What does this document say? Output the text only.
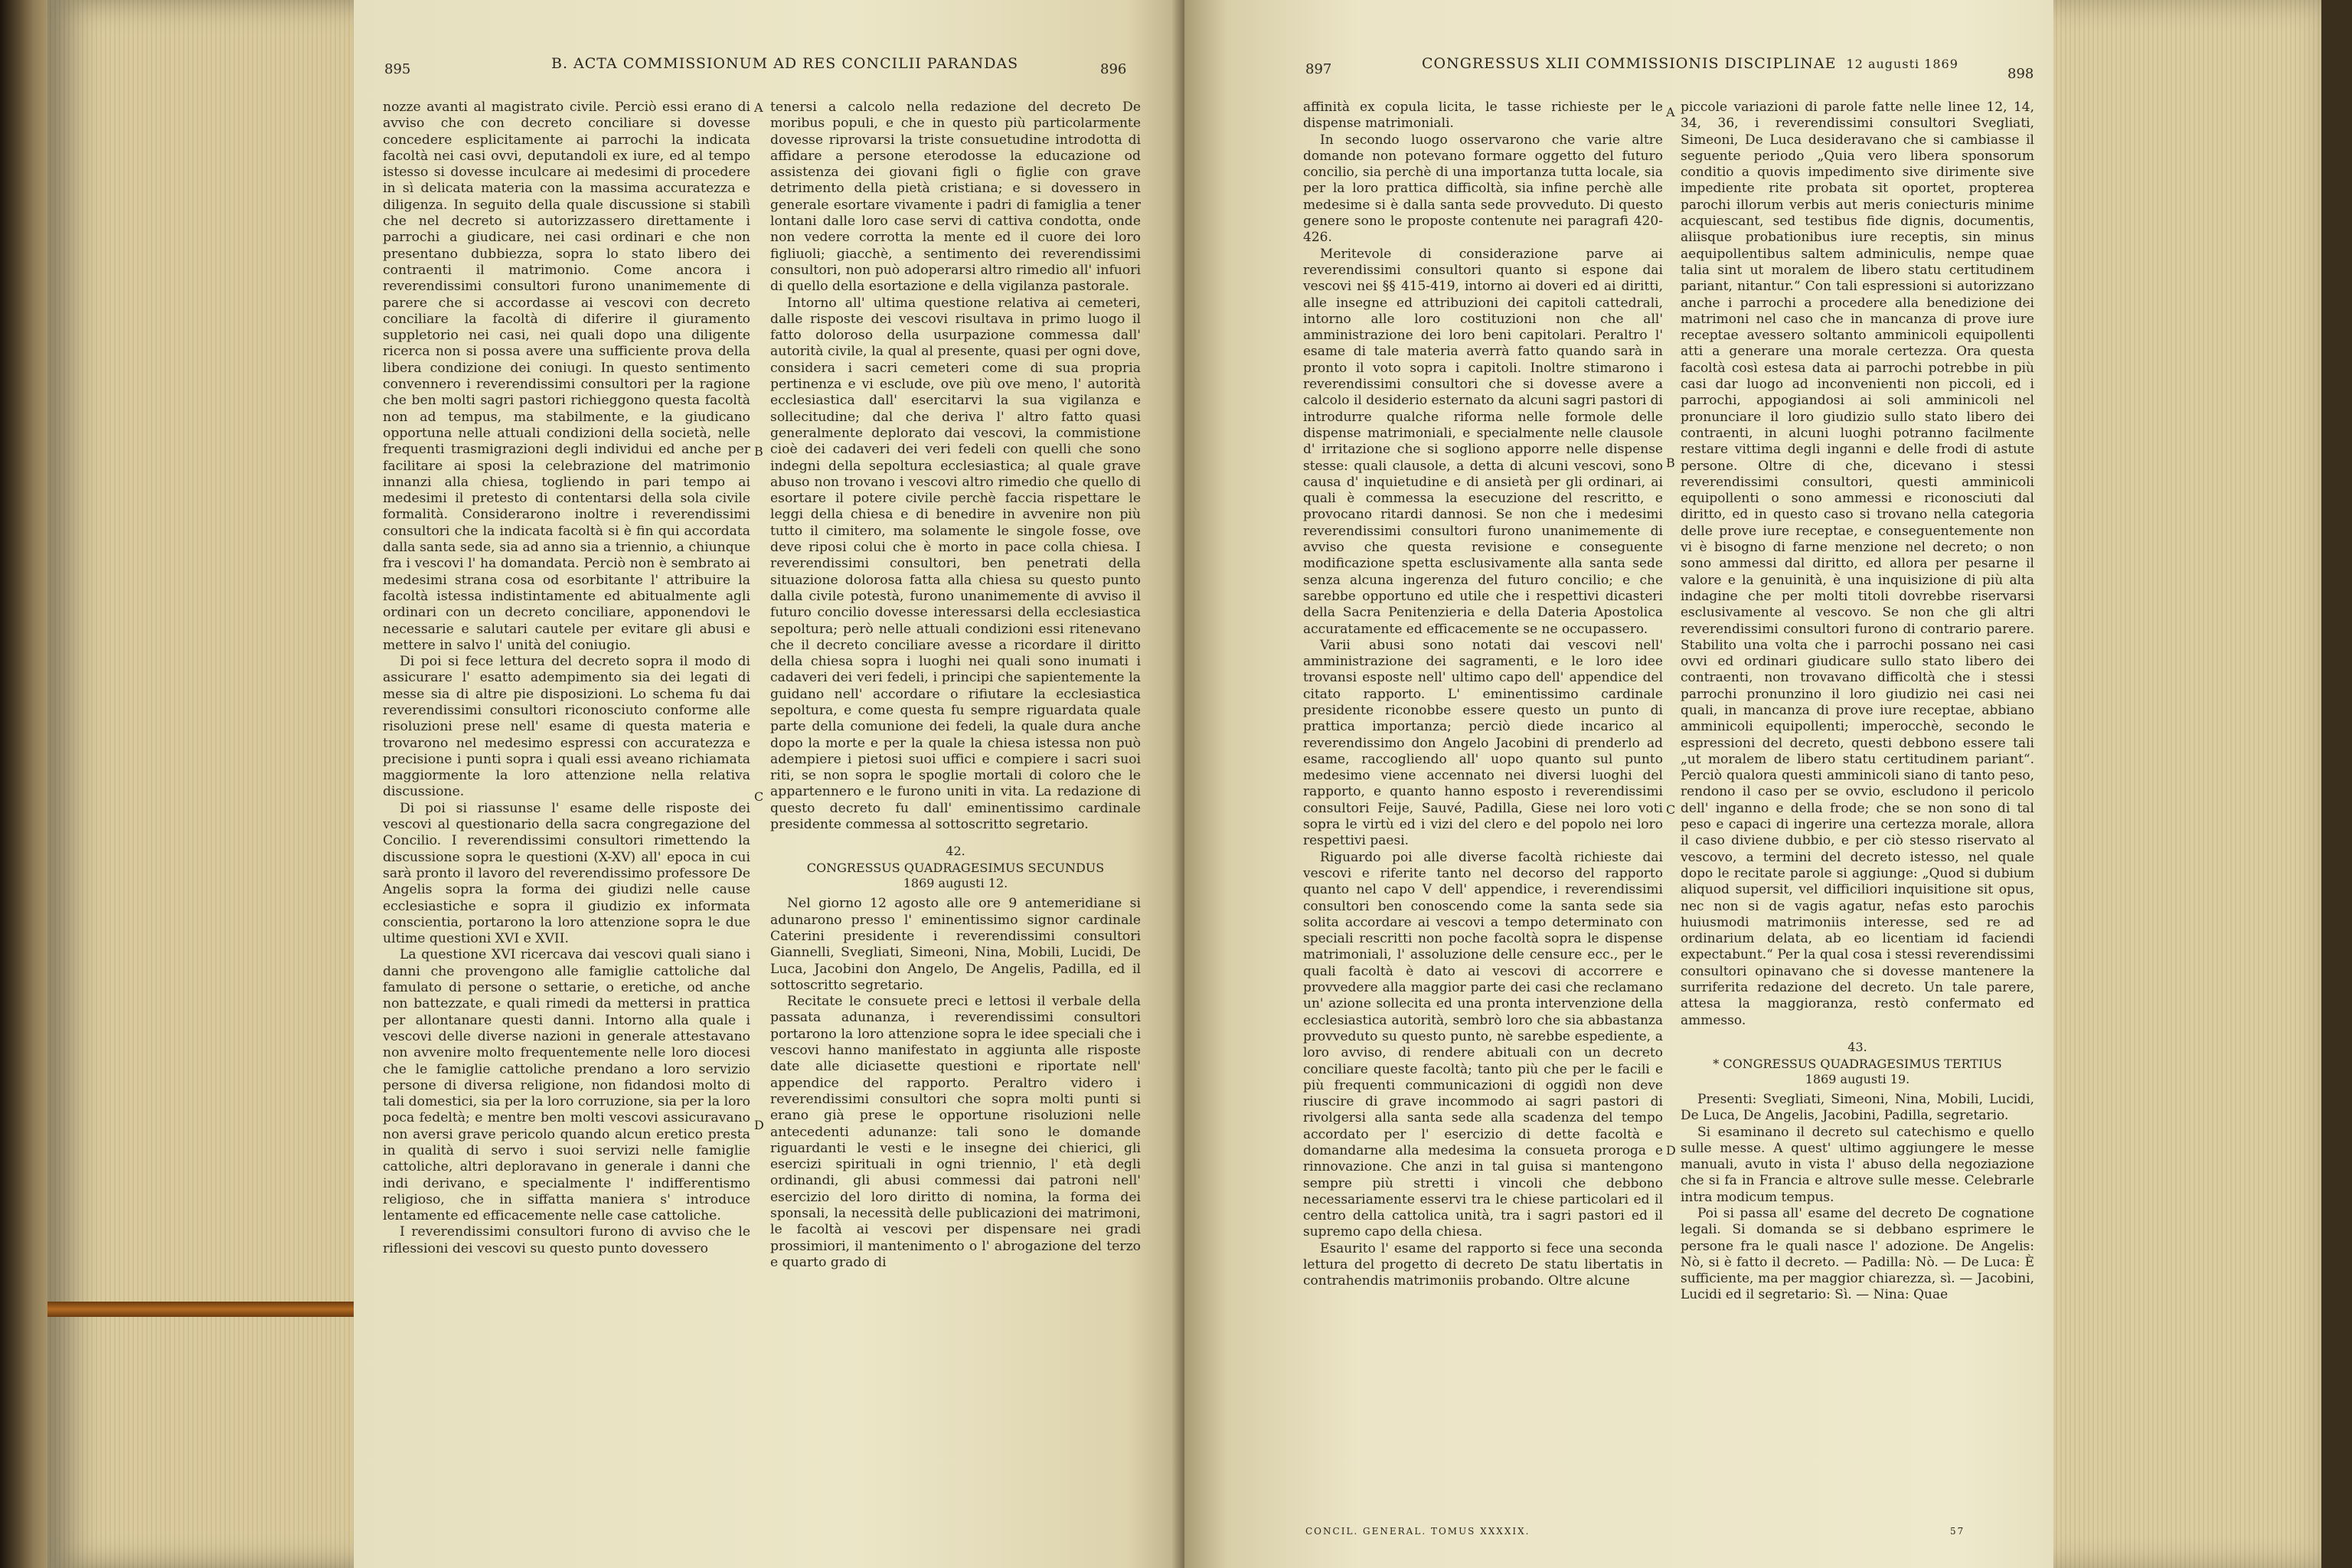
895	B. ACTA COMMISSIONUM AD RES CONCILII PARANDAS	896

nozze avanti al magistrato civile. Perciò essi erano di avviso che con decreto conciliare si dovesse concedere esplicitamente ai parrochi la indicata facoltà nei casi ovvi, deputandoli ex iure, ed al tempo istesso si dovesse inculcare ai medesimi di procedere in sì delicata materia con la massima accuratezza e diligenza. In seguito della quale discussione si stabilì che nel decreto si autorizzassero direttamente i parrochi a giudicare, nei casi ordinari e che non presentano dubbiezza, sopra lo stato libero dei contraenti il matrimonio. Come ancora i reverendissimi consultori furono unanimemente di parere che si accordasse ai vescovi con decreto conciliare la facoltà di diferire il giuramento suppletorio nei casi, nei quali dopo una diligente ricerca non si possa avere una sufficiente prova della libera condizione dei coniugi. In questo sentimento convennero i reverendissimi consultori per la ragione che ben molti sagri pastori richieggono questa facoltà non ad tempus, ma stabilmente, e la giudicano opportuna nelle attuali condizioni della società, nelle frequenti trasmigrazioni degli individui ed anche per facilitare ai sposi la celebrazione del matrimonio innanzi alla chiesa, togliendo in pari tempo ai medesimi il pretesto di contentarsi della sola civile formalità. Considerarono inoltre i reverendissimi consultori che la indicata facoltà si è fin qui accordata dalla santa sede, sia ad anno sia a triennio, a chiunque fra i vescovi l' ha domandata. Perciò non è sembrato ai medesimi strana cosa od esorbitante l' attribuire la facoltà istessa indistintamente ed abitualmente agli ordinari con un decreto conciliare, apponendovi le necessarie e salutari cautele per evitare gli abusi e mettere in salvo l' unità del coniugio.

Di poi si fece lettura del decreto sopra il modo di assicurare l' esatto adempimento sia dei legati di messe sia di altre pie disposizioni. Lo schema fu dai reverendissimi consultori riconosciuto conforme alle risoluzioni prese nell' esame di questa materia e trovarono nel medesimo espressi con accuratezza e precisione i punti sopra i quali essi aveano richiamata maggiormente la loro attenzione nella relativa discussione.

Di poi si riassunse l' esame delle risposte dei vescovi al questionario della sacra congregazione del Concilio. I reverendissimi consultori rimettendo la discussione sopra le questioni (X-XV) all' epoca in cui sarà pronto il lavoro del reverendissimo professore De Angelis sopra la forma dei giudizi nelle cause ecclesiastiche e sopra il giudizio ex informata conscientia, portarono la loro attenzione sopra le due ultime questioni XVI e XVII.

La questione XVI ricercava dai vescovi quali siano i danni che provengono alle famiglie cattoliche dal famulato di persone o settarie, o eretiche, od anche non battezzate, e quali rimedi da mettersi in prattica per allontanare questi danni. Intorno alla quale i vescovi delle diverse nazioni in generale attestavano non avvenire molto frequentemente nelle loro diocesi che le famiglie cattoliche prendano a loro servizio persone di diversa religione, non fidandosi molto di tali domestici, sia per la loro corruzione, sia per la loro poca fedeltà; e mentre ben molti vescovi assicuravano non aversi grave pericolo quando alcun eretico presta in qualità di servo i suoi servizi nelle famiglie cattoliche, altri deploravano in generale i danni che indi derivano, e specialmente l' indifferentismo religioso, che in siffatta maniera s' introduce lentamente ed efficacemente nelle case cattoliche.

I reverendissimi consultori furono di avviso che le riflessioni dei vescovi su questo punto dovessero

A
B
C
D

tenersi a calcolo nella redazione del decreto De moribus populi, e che in questo più particolarmente dovesse riprovarsi la triste consuetudine introdotta di affidare a persone eterodosse la educazione od assistenza dei giovani figli o figlie con grave detrimento della pietà cristiana; e si dovessero in generale esortare vivamente i padri di famiglia a tener lontani dalle loro case servi di cattiva condotta, onde non vedere corrotta la mente ed il cuore dei loro figliuoli; giacchè, a sentimento dei reverendissimi consultori, non può adoperarsi altro rimedio all' infuori di quello della esortazione e della vigilanza pastorale.

Intorno all' ultima questione relativa ai cemeteri, dalle risposte dei vescovi risultava in primo luogo il fatto doloroso della usurpazione commessa dall' autorità civile, la qual al presente, quasi per ogni dove, considera i sacri cemeteri come di sua propria pertinenza e vi esclude, ove più ove meno, l' autorità ecclesiastica dall' esercitarvi la sua vigilanza e sollecitudine; dal che deriva l' altro fatto quasi generalmente deplorato dai vescovi, la commistione cioè dei cadaveri dei veri fedeli con quelli che sono indegni della sepoltura ecclesiastica; al quale grave abuso non trovano i vescovi altro rimedio che quello di esortare il potere civile perchè faccia rispettare le leggi della chiesa e di benedire in avvenire non più tutto il cimitero, ma solamente le singole fosse, ove deve riposi colui che è morto in pace colla chiesa. I reverendissimi consultori, ben penetrati della situazione dolorosa fatta alla chiesa su questo punto dalla civile potestà, furono unanimemente di avviso il futuro concilio dovesse interessarsi della ecclesiastica sepoltura; però nelle attuali condizioni essi ritenevano che il decreto conciliare avesse a ricordare il diritto della chiesa sopra i luoghi nei quali sono inumati i cadaveri dei veri fedeli, i principi che sapientemente la guidano nell' accordare o rifiutare la ecclesiastica sepoltura, e come questa fu sempre riguardata quale parte della comunione dei fedeli, la quale dura anche dopo la morte e per la quale la chiesa istessa non può adempiere i pietosi suoi uffici e compiere i sacri suoi riti, se non sopra le spoglie mortali di coloro che le appartennero e le furono uniti in vita. La redazione di questo decreto fu dall' eminentissimo cardinale presidente commessa al sottoscritto segretario.

42.
CONGRESSUS QUADRAGESIMUS SECUNDUS
1869 augusti 12.

Nel giorno 12 agosto alle ore 9 antemeridiane si adunarono presso l' eminentissimo signor cardinale Caterini presidente i reverendissimi consultori Giannelli, Svegliati, Simeoni, Nina, Mobili, Lucidi, De Luca, Jacobini don Angelo, De Angelis, Padilla, ed il sottoscritto segretario.

Recitate le consuete preci e lettosi il verbale della passata adunanza, i reverendissimi consultori portarono la loro attenzione sopra le idee speciali che i vescovi hanno manifestato in aggiunta alle risposte date alle diciasette questioni e riportate nell' appendice del rapporto. Peraltro videro i reverendissimi consultori che sopra molti punti si erano già prese le opportune risoluzioni nelle antecedenti adunanze: tali sono le domande riguardanti le vesti e le insegne dei chierici, gli esercizi spirituali in ogni triennio, l' età degli ordinandi, gli abusi commessi dai patroni nell' esercizio del loro diritto di nomina, la forma dei sponsali, la necessità delle publicazioni dei matrimoni, le facoltà ai vescovi per dispensare nei gradi prossimiori, il mantenimento o l' abrogazione del terzo e quarto grado di

897	CONGRESSUS XLII COMMISSIONIS DISCIPLINAE 12 augusti 1869
898

affinità ex copula licita, le tasse richieste per le dispense matrimoniali.

In secondo luogo osservarono che varie altre domande non potevano formare oggetto del futuro concilio, sia perchè di una importanza tutta locale, sia per la loro prattica difficoltà, sia infine perchè alle medesime si è dalla santa sede provveduto. Di questo genere sono le proposte contenute nei paragrafi 420-426.

Meritevole di considerazione parve ai reverendissimi consultori quanto si espone dai vescovi nei §§ 415-419, intorno ai doveri ed ai diritti, alle insegne ed attribuzioni dei capitoli cattedrali, intorno alle loro costituzioni non che all' amministrazione dei loro beni capitolari. Peraltro l' esame di tale materia averrà fatto quando sarà in pronto il voto sopra i capitoli. Inoltre stimarono i reverendissimi consultori che si dovesse avere a calcolo il desiderio esternato da alcuni sagri pastori di introdurre qualche riforma nelle formole delle dispense matrimoniali, e specialmente nelle clausole d' irritazione che si sogliono apporre nelle dispense stesse: quali clausole, a detta di alcuni vescovi, sono causa d' inquietudine e di ansietà per gli ordinari, ai quali è commessa la esecuzione del rescritto, e provocano ritardi dannosi. Se non che i medesimi reverendissimi consultori furono unanimemente di avviso che questa revisione e conseguente modificazione spetta esclusivamente alla santa sede senza alcuna ingerenza del futuro concilio; e che sarebbe opportuno ed utile che i respettivi dicasteri della Sacra Penitenzieria e della Dateria Apostolica accuratamente ed efficacemente se ne occupassero.

Varii abusi sono notati dai vescovi nell' amministrazione dei sagramenti, e le loro idee trovansi esposte nell' ultimo capo dell' appendice del citato rapporto. L' eminentissimo cardinale presidente riconobbe essere questo un punto di prattica importanza; perciò diede incarico al reverendissimo don Angelo Jacobini di prenderlo ad esame, raccogliendo all' uopo quanto sul punto medesimo viene accennato nei diversi luoghi del rapporto, e quanto hanno esposto i reverendissimi consultori Feije, Sauvé, Padilla, Giese nei loro voti sopra le virtù ed i vizi del clero e del popolo nei loro respettivi paesi.

Riguardo poi alle diverse facoltà richieste dai vescovi e riferite tanto nel decorso del rapporto quanto nel capo V dell' appendice, i reverendissimi consultori ben conoscendo come la santa sede sia solita accordare ai vescovi a tempo determinato con speciali rescritti non poche facoltà sopra le dispense matrimoniali, l' assoluzione delle censure ecc., per le quali facoltà è dato ai vescovi di accorrere e provvedere alla maggior parte dei casi che reclamano un' azione sollecita ed una pronta intervenzione della ecclesiastica autorità, sembrò loro che sia abbastanza provveduto su questo punto, nè sarebbe espediente, a loro avviso, di rendere abituali con un decreto conciliare queste facoltà; tanto più che per le facili e più frequenti communicazioni di oggidì non deve riuscire di grave incommodo ai sagri pastori di rivolgersi alla santa sede alla scadenza del tempo accordato per l' esercizio di dette facoltà e domandarne alla medesima la consueta proroga e rinnovazione. Che anzi in tal guisa si mantengono sempre più stretti i vincoli che debbono necessariamente esservi tra le chiese particolari ed il centro della cattolica unità, tra i sagri pastori ed il supremo capo della chiesa.

Esaurito l' esame del rapporto si fece una seconda lettura del progetto di decreto De statu libertatis in contrahendis matrimoniis probando. Oltre alcune

A
B
C
D

piccole variazioni di parole fatte nelle linee 12, 14, 34, 36, i reverendissimi consultori Svegliati, Simeoni, De Luca desideravano che si cambiasse il seguente periodo „Quia vero libera sponsorum conditio a quovis impedimento sive dirimente sive impediente rite probata sit oportet, propterea parochi illorum verbis aut meris coniecturis minime acquiescant, sed testibus fide dignis, documentis, aliisque probationibus iure receptis, sin minus aequipollentibus saltem adminiculis, nempe quae talia sint ut moralem de libero statu certitudinem pariant, nitantur.“ Con tali espressioni si autorizzano anche i parrochi a procedere alla benedizione dei matrimoni nel caso che in mancanza di prove iure receptae avessero soltanto amminicoli equipollenti atti a generare una morale certezza. Ora questa facoltà così estesa data ai parrochi potrebbe in più casi dar luogo ad inconvenienti non piccoli, ed i parrochi, appogiandosi ai soli amminicoli nel pronunciare il loro giudizio sullo stato libero dei contraenti, in alcuni luoghi potranno facilmente restare vittima degli inganni e delle frodi di astute persone. Oltre di che, dicevano i stessi reverendissimi consultori, questi amminicoli equipollenti o sono ammessi e riconosciuti dal diritto, ed in questo caso si trovano nella categoria delle prove iure receptae, e conseguentemente non vi è bisogno di farne menzione nel decreto; o non sono ammessi dal diritto, ed allora per pesarne il valore e la genuinità, è una inquisizione di più alta indagine che per molti titoli dovrebbe riservarsi esclusivamente al vescovo. Se non che gli altri reverendissimi consultori furono di contrario parere. Stabilito una volta che i parrochi possano nei casi ovvi ed ordinari giudicare sullo stato libero dei contraenti, non trovavano difficoltà che i stessi parrochi pronunzino il loro giudizio nei casi nei quali, in mancanza di prove iure receptae, abbiano amminicoli equipollenti; imperocchè, secondo le espressioni del decreto, questi debbono essere tali „ut moralem de libero statu certitudinem pariant“. Perciò qualora questi amminicoli siano di tanto peso, rendono il caso per se ovvio, escludono il pericolo dell' inganno e della frode; che se non sono di tal peso e capaci di ingerire una certezza morale, allora il caso diviene dubbio, e per ciò stesso riservato al vescovo, a termini del decreto istesso, nel quale dopo le recitate parole si aggiunge: „Quod si dubium aliquod supersit, vel difficiliori inquisitione sit opus, nec non si de vagis agatur, nefas esto parochis huiusmodi matrimoniis interesse, sed re ad ordinarium delata, ab eo licentiam id faciendi expectabunt.“ Per la qual cosa i stessi reverendissimi consultori opinavano che si dovesse mantenere la surriferita redazione del decreto. Un tale parere, attesa la maggioranza, restò confermato ed ammesso.

43.
* CONGRESSUS QUADRAGESIMUS TERTIUS
1869 augusti 19.

Presenti: Svegliati, Simeoni, Nina, Mobili, Lucidi, De Luca, De Angelis, Jacobini, Padilla, segretario.

Si esaminano il decreto sul catechismo e quello sulle messe. A quest' ultimo aggiungere le messe manuali, avuto in vista l' abuso della negoziazione che si fa in Francia e altrove sulle messe. Celebrarle intra modicum tempus.

Poi si passa all' esame del decreto De cognatione legali. Si domanda se si debbano esprimere le persone fra le quali nasce l' adozione. De Angelis: Nò, si è fatto il decreto. — Padilla: Nò. — De Luca: È sufficiente, ma per maggior chiarezza, sì. — Jacobini, Lucidi ed il segretario: Sì. — Nina: Quae

CONCIL. GENERAL. TOMUS XXXXIX.	57
